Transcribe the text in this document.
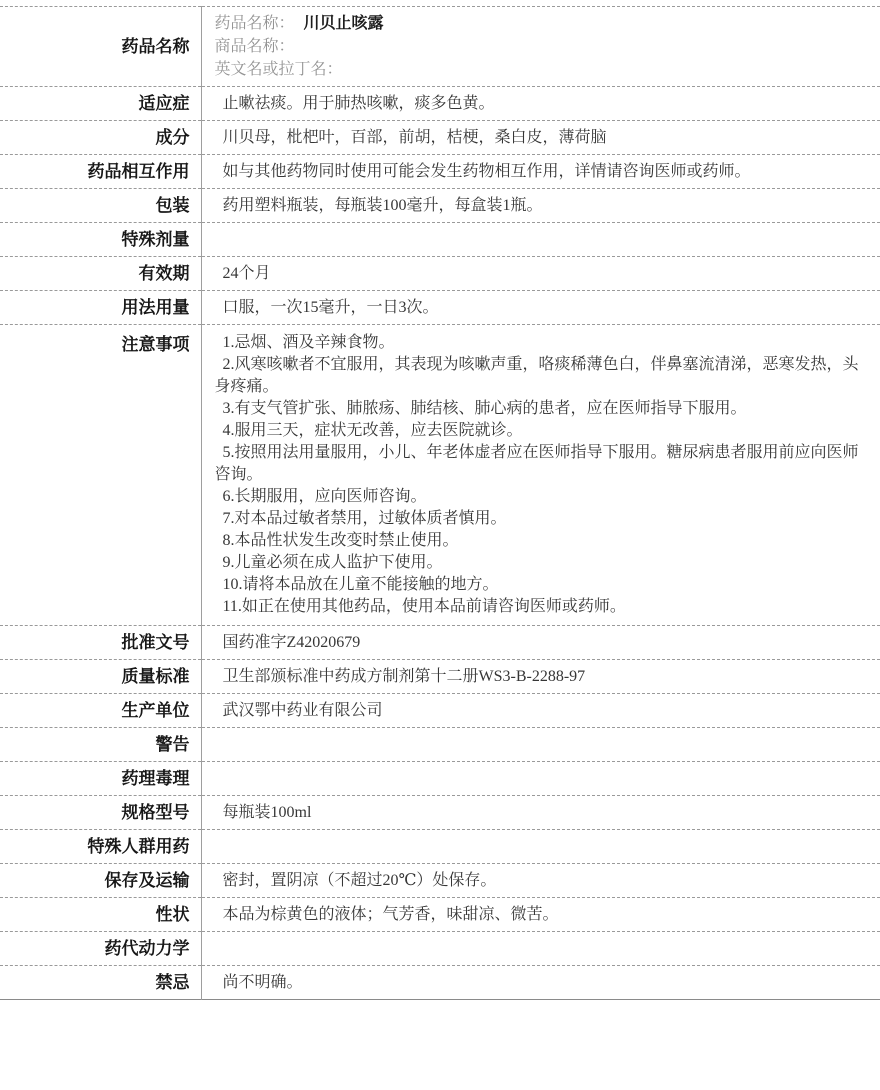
药品名称	药品名称： 川贝止咳露
商品名称：
英文名或拉丁名：

适应症	止嗽祛痰。用于肺热咳嗽，痰多色黄。

成分	川贝母，枇杷叶，百部，前胡，桔梗，桑白皮，薄荷脑

药品相互作用	如与其他药物同时使用可能会发生药物相互作用，详情请咨询医师或药师。

包装	药用塑料瓶装，每瓶装100毫升，每盒装1瓶。

特殊剂量	
有效期	24个月

用法用量	口服，一次15毫升，一日3次。

注意事项	1.忌烟、酒及辛辣食物。
2.风寒咳嗽者不宜服用，其表现为咳嗽声重，咯痰稀薄色白，伴鼻塞流清涕，恶寒发热，头身疼痛。
3.有支气管扩张、肺脓疡、肺结核、肺心病的患者，应在医师指导下服用。
4.服用三天，症状无改善，应去医院就诊。
5.按照用法用量服用，小儿、年老体虚者应在医师指导下服用。糖尿病患者服用前应向医师咨询。
6.长期服用，应向医师咨询。
7.对本品过敏者禁用，过敏体质者慎用。
8.本品性状发生改变时禁止使用。
9.儿童必须在成人监护下使用。
10.请将本品放在儿童不能接触的地方。
11.如正在使用其他药品，使用本品前请咨询医师或药师。

批准文号	国药准字Z42020679

质量标准	卫生部颁标准中药成方制剂第十二册WS3-B-2288-97

生产单位	武汉鄂中药业有限公司

警告	
药理毒理	
规格型号	每瓶装100ml

特殊人群用药	
保存及运输	密封，置阴凉（不超过20℃）处保存。

性状	本品为棕黄色的液体；气芳香，味甜凉、微苦。

药代动力学	
禁忌	尚不明确。
